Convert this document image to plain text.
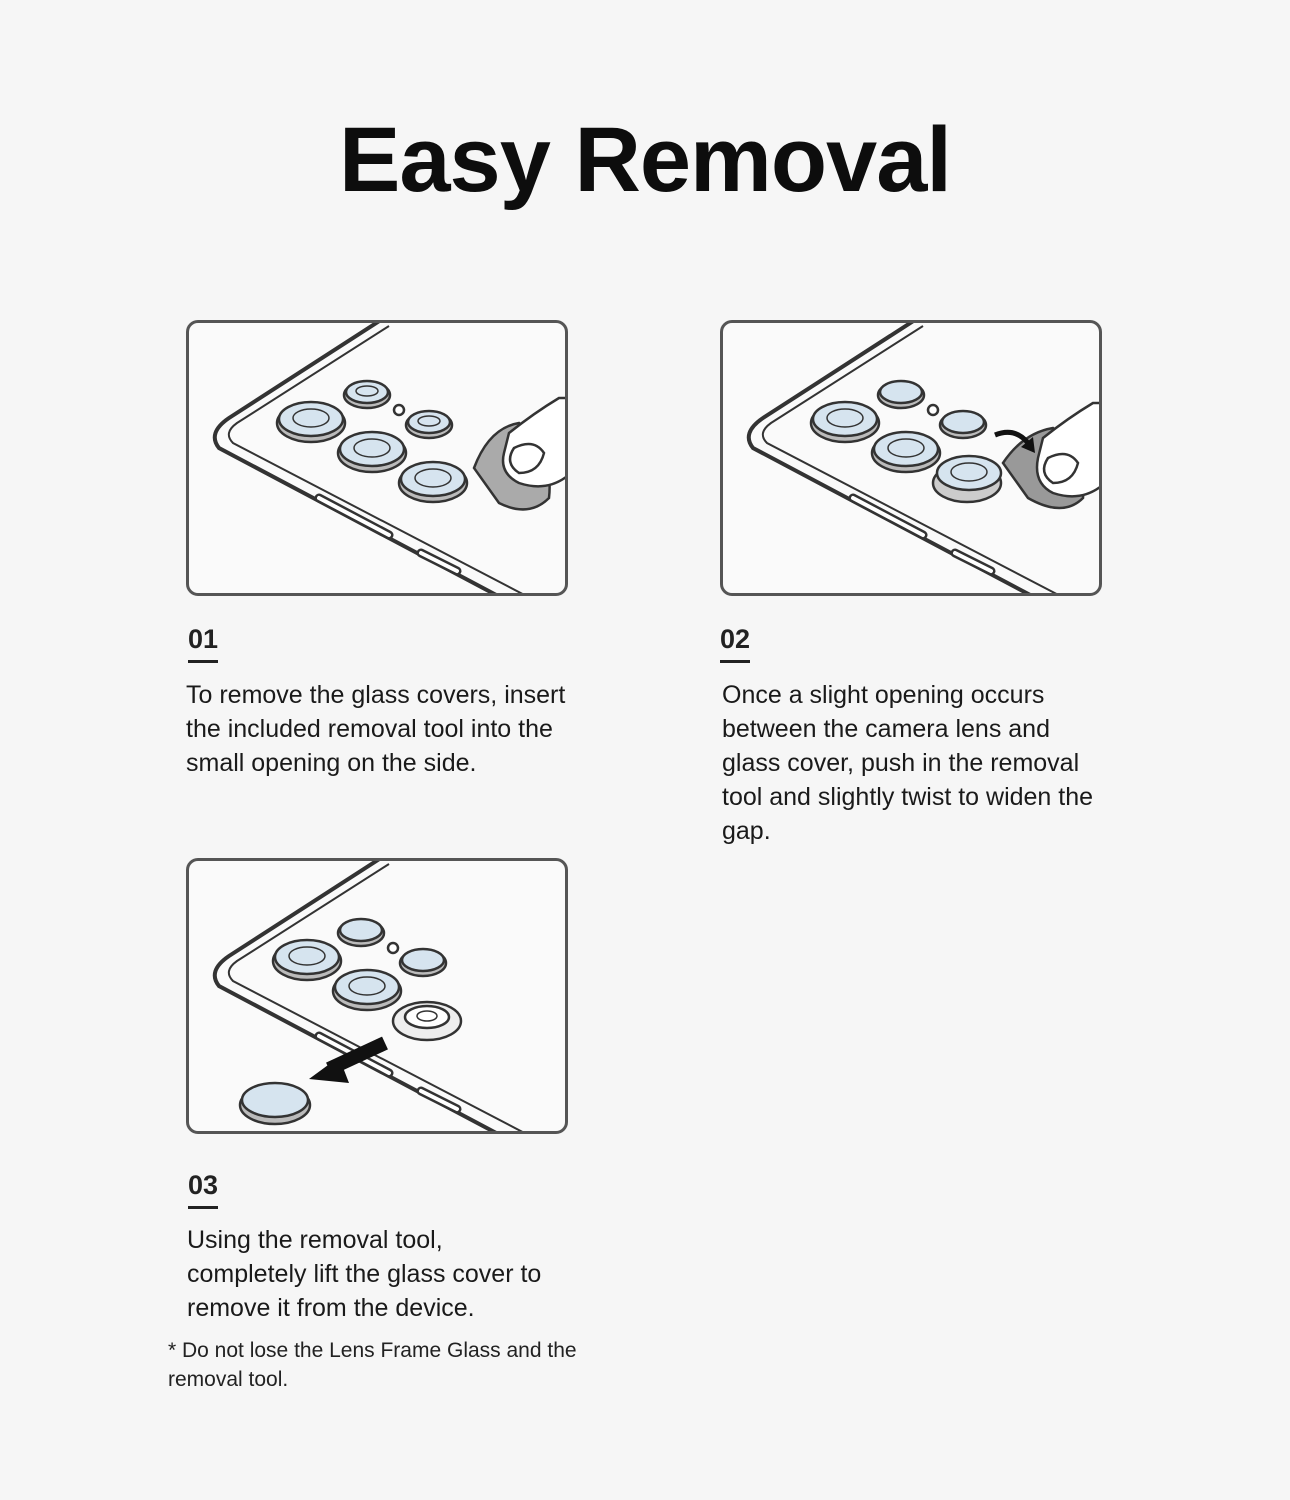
Easy Removal
01
To remove the glass covers, insert the included removal tool into the small opening on the side.
02
Once a slight opening occurs between the camera lens and glass cover, push in the removal tool and slightly twist to widen the gap.
03
Using the removal tool, completely lift the glass cover to remove it from the device.
* Do not lose the Lens Frame Glass and the removal tool.
